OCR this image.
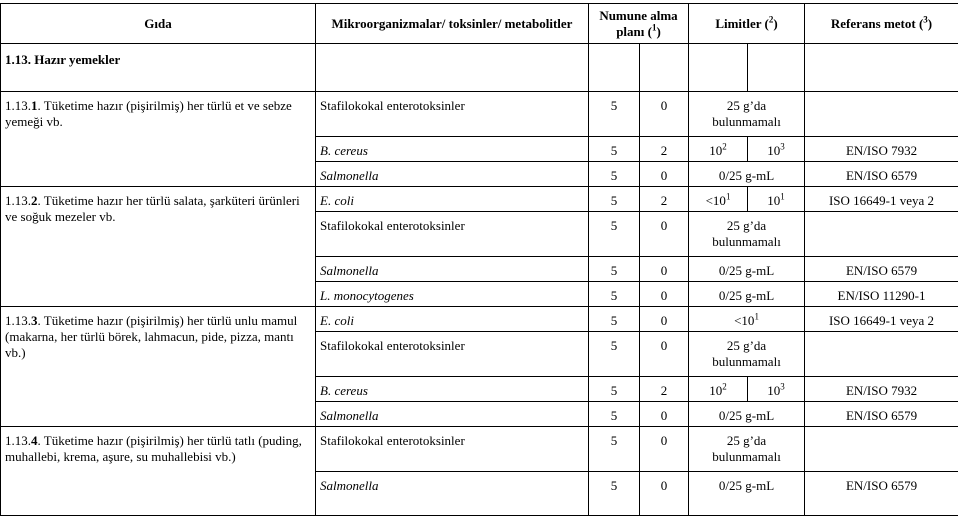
Gıda	Mikroorganizmalar/ toksinler/ metabolitler	Numune alma planı ($^1$)		Limitler ($^2$)		Referans metot ($^3$)
1.13. Hazır yemekler						
1.13.1. Tüketime hazır (pişirilmiş) her türlü et ve sebze yemeği vb.	Stafilokokal enterotoksinler	5	0	25 g’da bulunmamalı		
	B. cereus	5	2	$10^2$	$10^3$	EN/ISO 7932
	Salmonella	5	0	0/25 g-mL		EN/ISO 6579
1.13.2. Tüketime hazır her türlü salata, şarküteri ürünleri ve soğuk mezeler vb.	E. coli	5	2	$<10^1$	$10^1$	ISO 16649-1 veya 2
	Stafilokokal enterotoksinler	5	0	25 g’da bulunmamalı		
	Salmonella	5	0	0/25 g-mL		EN/ISO 6579
	L. monocytogenes	5	0	0/25 g-mL		EN/ISO 11290-1
1.13.3. Tüketime hazır (pişirilmiş) her türlü unlu mamul (makarna, her türlü börek, lahmacun, pide, pizza, mantı vb.)	E. coli	5	0	$<10^1$		ISO 16649-1 veya 2
	Stafilokokal enterotoksinler	5	0	25 g’da bulunmamalı		
	B. cereus	5	2	$10^2$	$10^3$	EN/ISO 7932
	Salmonella	5	0	0/25 g-mL		EN/ISO 6579
1.13.4. Tüketime hazır (pişirilmiş) her türlü tatlı (puding, muhallebi, krema, aşure, su muhallebisi vb.)	Stafilokokal enterotoksinler	5	0	25 g’da bulunmamalı		
	Salmonella	5	0	0/25 g-mL		EN/ISO 6579
